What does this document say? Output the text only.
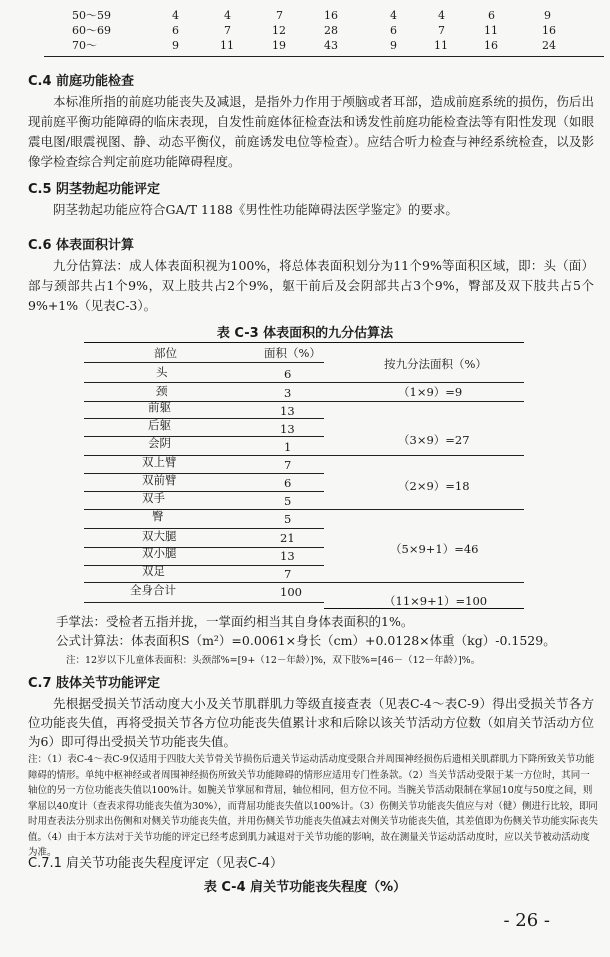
50～59	4	4	7	16	4	4	6	9
60～69	6	7	12	28	6	7	11	16
70～	9	11	19	43	9	11	16	24
C.4 前庭功能检查
本标准所指的前庭功能丧失及减退，是指外力作用于颅脑或者耳部，造成前庭系统的损伤，伤后出现前庭平衡功能障碍的临床表现，自发性前庭体征检查法和诱发性前庭功能检查法等有阳性发现（如眼震电图/眼震视图、静、动态平衡仪，前庭诱发电位等检查）。应结合听力检查与神经系统检查，以及影像学检查综合判定前庭功能障碍程度。
C.5 阴茎勃起功能评定
阴茎勃起功能应符合GA/T 1188《男性性功能障碍法医学鉴定》的要求。
C.6 体表面积计算
九分估算法：成人体表面积视为100%，将总体表面积划分为11个9%等面积区域，即：头（面）部与颈部共占1个9%，双上肢共占2个9%，躯干前后及会阴部共占3个9%，臀部及双下肢共占5个9%+1%（见表C-3）。
表 C-3 体表面积的九分估算法
部位	面积（%）
按九分法面积（%）
头	6
颈	3	（1×9）=9
前躯	13
后躯	13
（3×9）=27
会阴	1
双上臂	7
双前臂	6	（2×9）=18
双手	5
臀	5
双大腿	21
双小腿	13	（5×9+1）=46
双足	7
全身合计	100
（11×9+1）=100
手掌法：受检者五指并拢，一掌面约相当其自身体表面积的1%。
公式计算法：体表面积S（m²）=0.0061×身长（cm）+0.0128×体重（kg）-0.1529。
注：12岁以下儿童体表面积：头颈部%=[9+（12－年龄）]%，双下肢%=[46－（12－年龄）]%。
C.7 肢体关节功能评定
先根据受损关节活动度大小及关节肌群肌力等级直接查表（见表C-4～表C-9）得出受损关节各方位功能丧失值，再将受损关节各方位功能丧失值累计求和后除以该关节活动方位数（如肩关节活动方位为6）即可得出受损关节功能丧失值。
注：（1）表C-4～表C-9仅适用于四肢大关节骨关节损伤后遗关节运动活动度受限合并周围神经损伤后遗相关肌群肌力下降所致关节功能障碍的情形。单纯中枢神经或者周围神经损伤所致关节功能障碍的情形应适用专门性条款。（2）当关节活动受限于某一方位时，其同一轴位的另一方位功能丧失值以100%计。如腕关节掌屈和背屈，轴位相同，但方位不同。当腕关节活动限制在掌屈10度与50度之间，则掌屈以40度计（查表求得功能丧失值为30%），而背屈功能丧失值以100%计。（3）伤侧关节功能丧失值应与对（健）侧进行比较，即同时用查表法分别求出伤侧和对侧关节功能丧失值，并用伤侧关节功能丧失值减去对侧关节功能丧失值，其差值即为伤侧关节功能实际丧失值。（4）由于本方法对于关节功能的评定已经考虑到肌力减退对于关节功能的影响，故在测量关节运动活动度时，应以关节被动活动度为准。
C.7.1 肩关节功能丧失程度评定（见表C-4）
表 C-4 肩关节功能丧失程度（%）
- 26 -
